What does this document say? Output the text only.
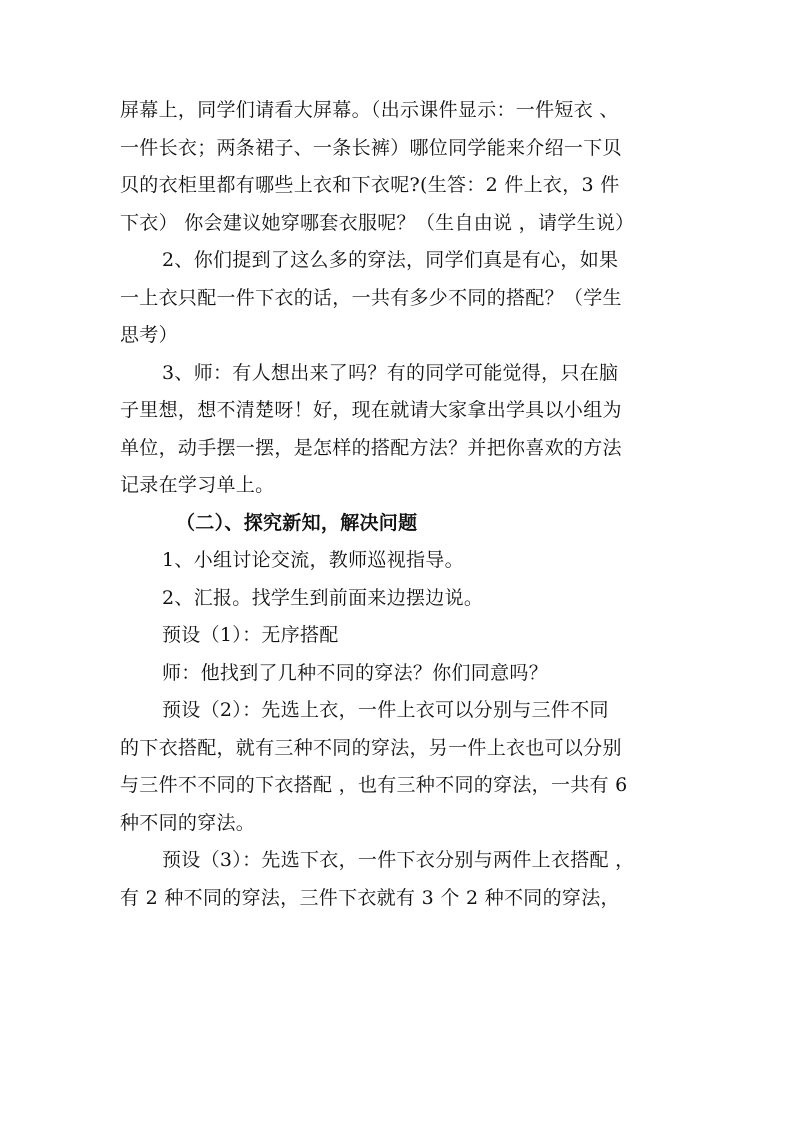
屏幕上，同学们请看大屏幕。（出示课件显示：一件短衣 、
一件长衣；两条裙子、一条长裤）哪位同学能来介绍一下贝
贝的衣柜里都有哪些上衣和下衣呢?(生答：2 件上衣，3 件
下衣） 你会建议她穿哪套衣服呢？（生自由说 ，请学生说）
2、你们提到了这么多的穿法，同学们真是有心，如果
一上衣只配一件下衣的话，一共有多少不同的搭配？（学生
思考）
3、师：有人想出来了吗？有的同学可能觉得，只在脑
子里想，想不清楚呀！好，现在就请大家拿出学具以小组为
单位，动手摆一摆，是怎样的搭配方法？并把你喜欢的方法
记录在学习单上。
（二）、探究新知，解决问题
1、小组讨论交流，教师巡视指导。
2、汇报。找学生到前面来边摆边说。
预设（1）：无序搭配
师：他找到了几种不同的穿法？你们同意吗？
预设（2）：先选上衣，一件上衣可以分别与三件不同
的下衣搭配，就有三种不同的穿法，另一件上衣也可以分别
与三件不不同的下衣搭配 ，也有三种不同的穿法，一共有 6
种不同的穿法。
预设（3）：先选下衣，一件下衣分别与两件上衣搭配 ，
有 2 种不同的穿法，三件下衣就有 3 个 2 种不同的穿法，
